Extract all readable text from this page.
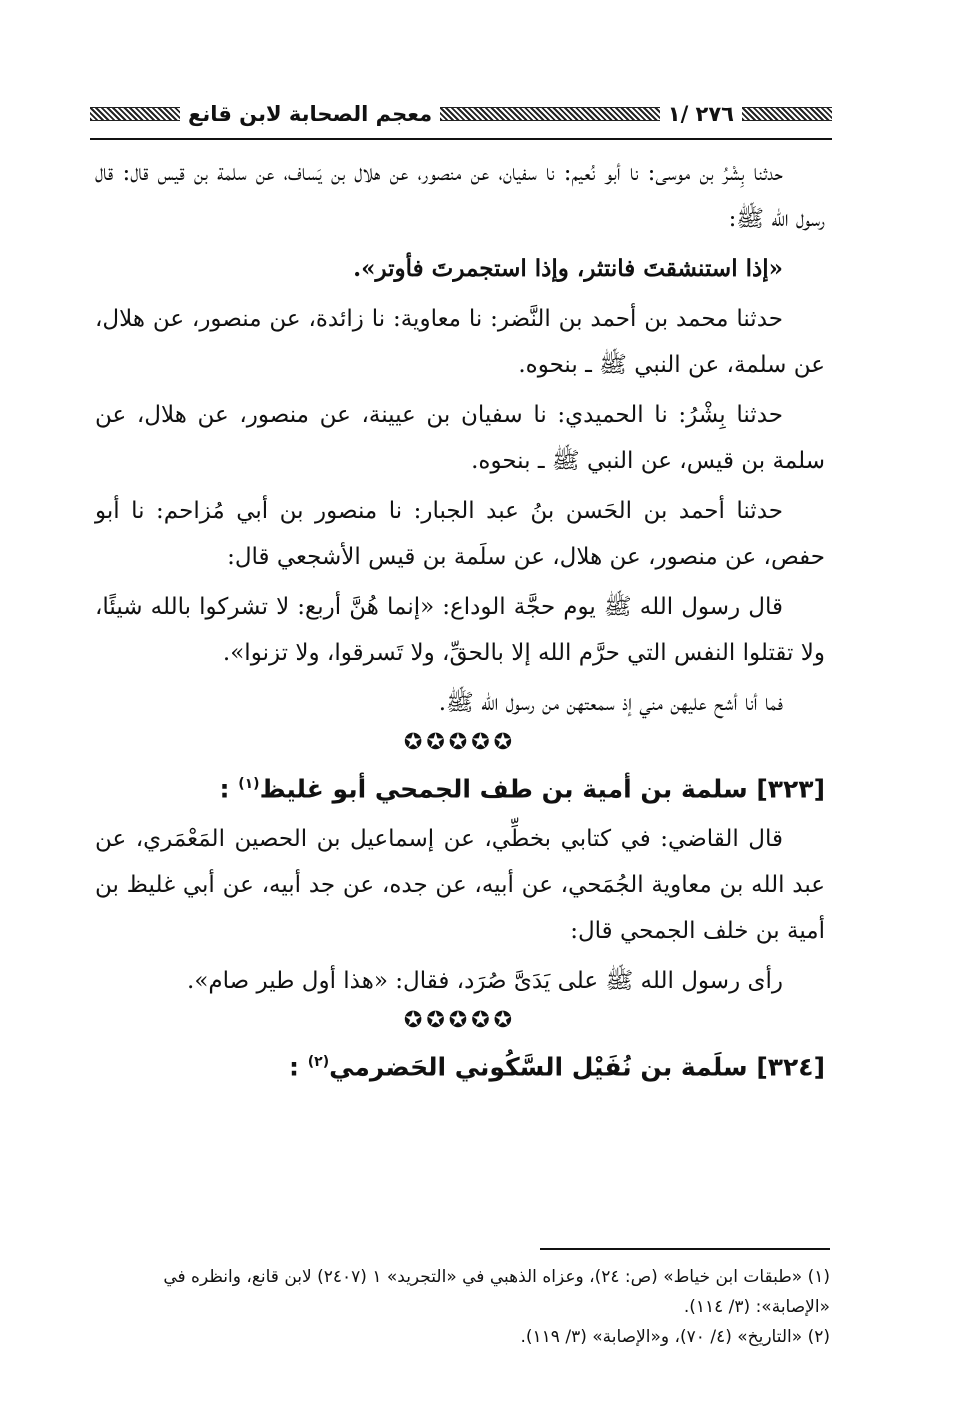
٢٧٦ /١
معجم الصحابة لابن قانع

حدثنا بِشْرُ بن موسى: نا أبو نُعيم: نا سفيان، عن منصور، عن هلال بن يَساف، عن سلمة بن قيس قال: قال رسول الله ﷺ:

«إذا استنشقتَ فانتثر، وإذا استجمرتَ فأوتر».

حدثنا محمد بن أحمد بن النَّضر: نا معاوية: نا زائدة، عن منصور، عن هلال، عن سلمة، عن النبي ﷺ ـ بنحوه.

حدثنا بِشْرُ: نا الحميدي: نا سفيان بن عيينة، عن منصور، عن هلال، عن سلمة بن قيس، عن النبي ﷺ ـ بنحوه.

حدثنا أحمد بن الحَسن بنُ عبد الجبار: نا منصور بن أبي مُزاحم: نا أبو حفص، عن منصور، عن هلال، عن سلَمة بن قيس الأشجعي قال:

قال رسول الله ﷺ يوم حجَّة الوداع: «إنما هُنَّ أربع: لا تشركوا بالله شيئًا، ولا تقتلوا النفس التي حرَّم الله إلا بالحقِّ، ولا تَسرقوا، ولا تزنوا».

فما أنا أشح عليهن مني إذ سمعتهن من رسول الله ﷺ.

✪✪✪✪✪

[٣٢٣] سلمة بن أمية بن طف الجمحي أبو غليظ$^{(١)}$ :

قال القاضي: في كتابي بخطِّي، عن إسماعيل بن الحصين المَعْمَري، عن عبد الله بن معاوية الجُمَحي، عن أبيه، عن جده، عن جد أبيه، عن أبي غليظ بن أمية بن خلف الجمحي قال:

رأى رسول الله ﷺ على يَدَىَّ صُرَد، فقال: «هذا أول طير صام».

✪✪✪✪✪

[٣٢٤] سلَمة بن نُفَيْل السَّكُوني الحَضرمي$^{(٢)}$ :

(١) «طبقات ابن خياط» (ص: ٢٤)، وعزاه الذهبي في «التجريد» ١ (٢٤٠٧) لابن قانع، وانظره في «الإصابة»: (٣/ ١١٤).

(٢) «التاريخ» (٤/ ٧٠)، و«الإصابة» (٣/ ١١٩).
